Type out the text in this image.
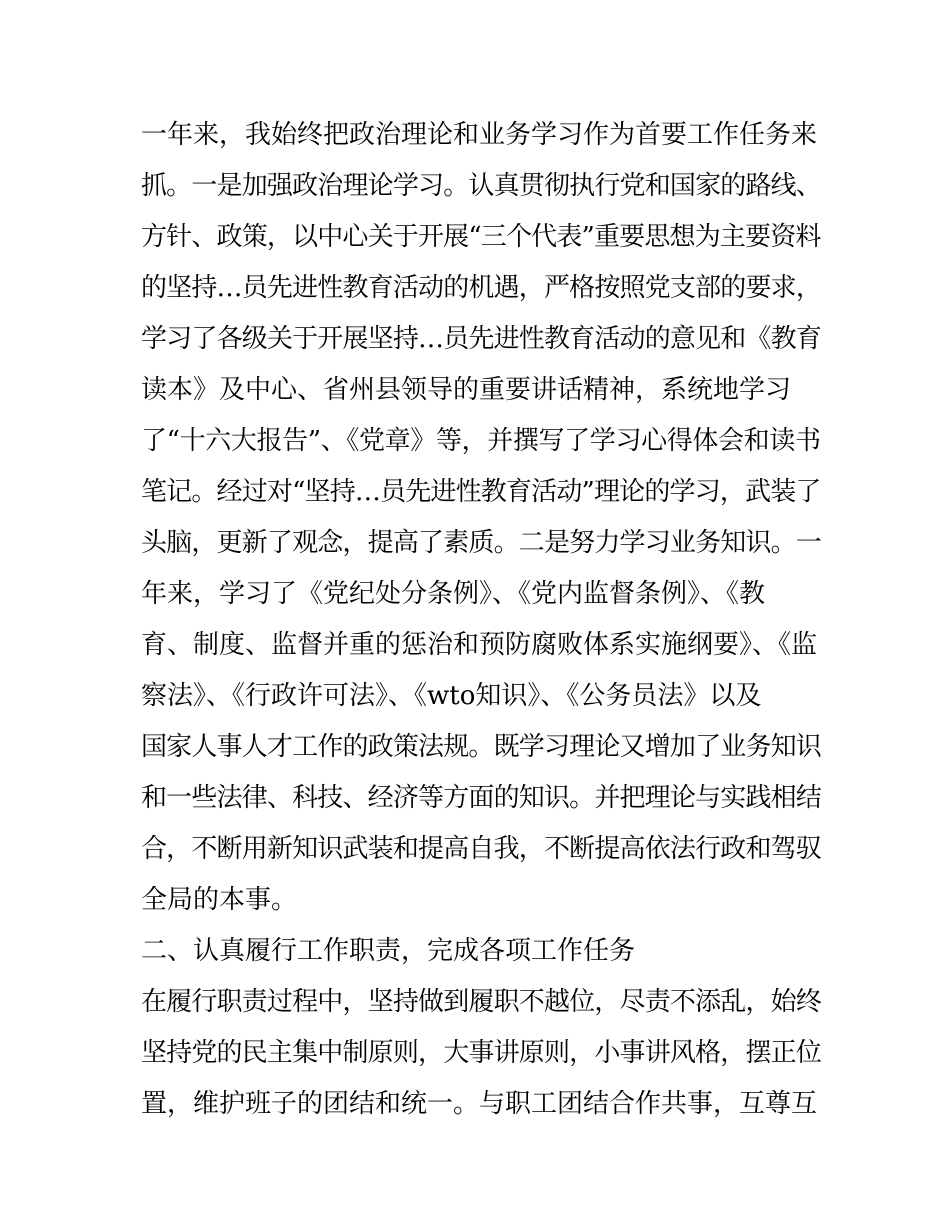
一年来，我始终把政治理论和业务学习作为首要工作任务来
抓。一是加强政治理论学习。认真贯彻执行党和国家的路线、
方针、政策，以中心关于开展“三个代表”重要思想为主要资料
的坚持…员先进性教育活动的机遇，严格按照党支部的要求，
学习了各级关于开展坚持…员先进性教育活动的意见和《教育
读本》及中心、省州县领导的重要讲话精神，系统地学习
了“十六大报告”、《党章》等，并撰写了学习心得体会和读书
笔记。经过对“坚持…员先进性教育活动”理论的学习，武装了
头脑，更新了观念，提高了素质。二是努力学习业务知识。一
年来，学习了《党纪处分条例》、《党内监督条例》、《教
育、制度、监督并重的惩治和预防腐败体系实施纲要》、《监
察法》、《行政许可法》、《wto知识》、《公务员法》以及
国家人事人才工作的政策法规。既学习理论又增加了业务知识
和一些法律、科技、经济等方面的知识。并把理论与实践相结
合，不断用新知识武装和提高自我，不断提高依法行政和驾驭
全局的本事。
二、认真履行工作职责，完成各项工作任务
在履行职责过程中，坚持做到履职不越位，尽责不添乱，始终
坚持党的民主集中制原则，大事讲原则，小事讲风格，摆正位
置，维护班子的团结和统一。与职工团结合作共事，互尊互
